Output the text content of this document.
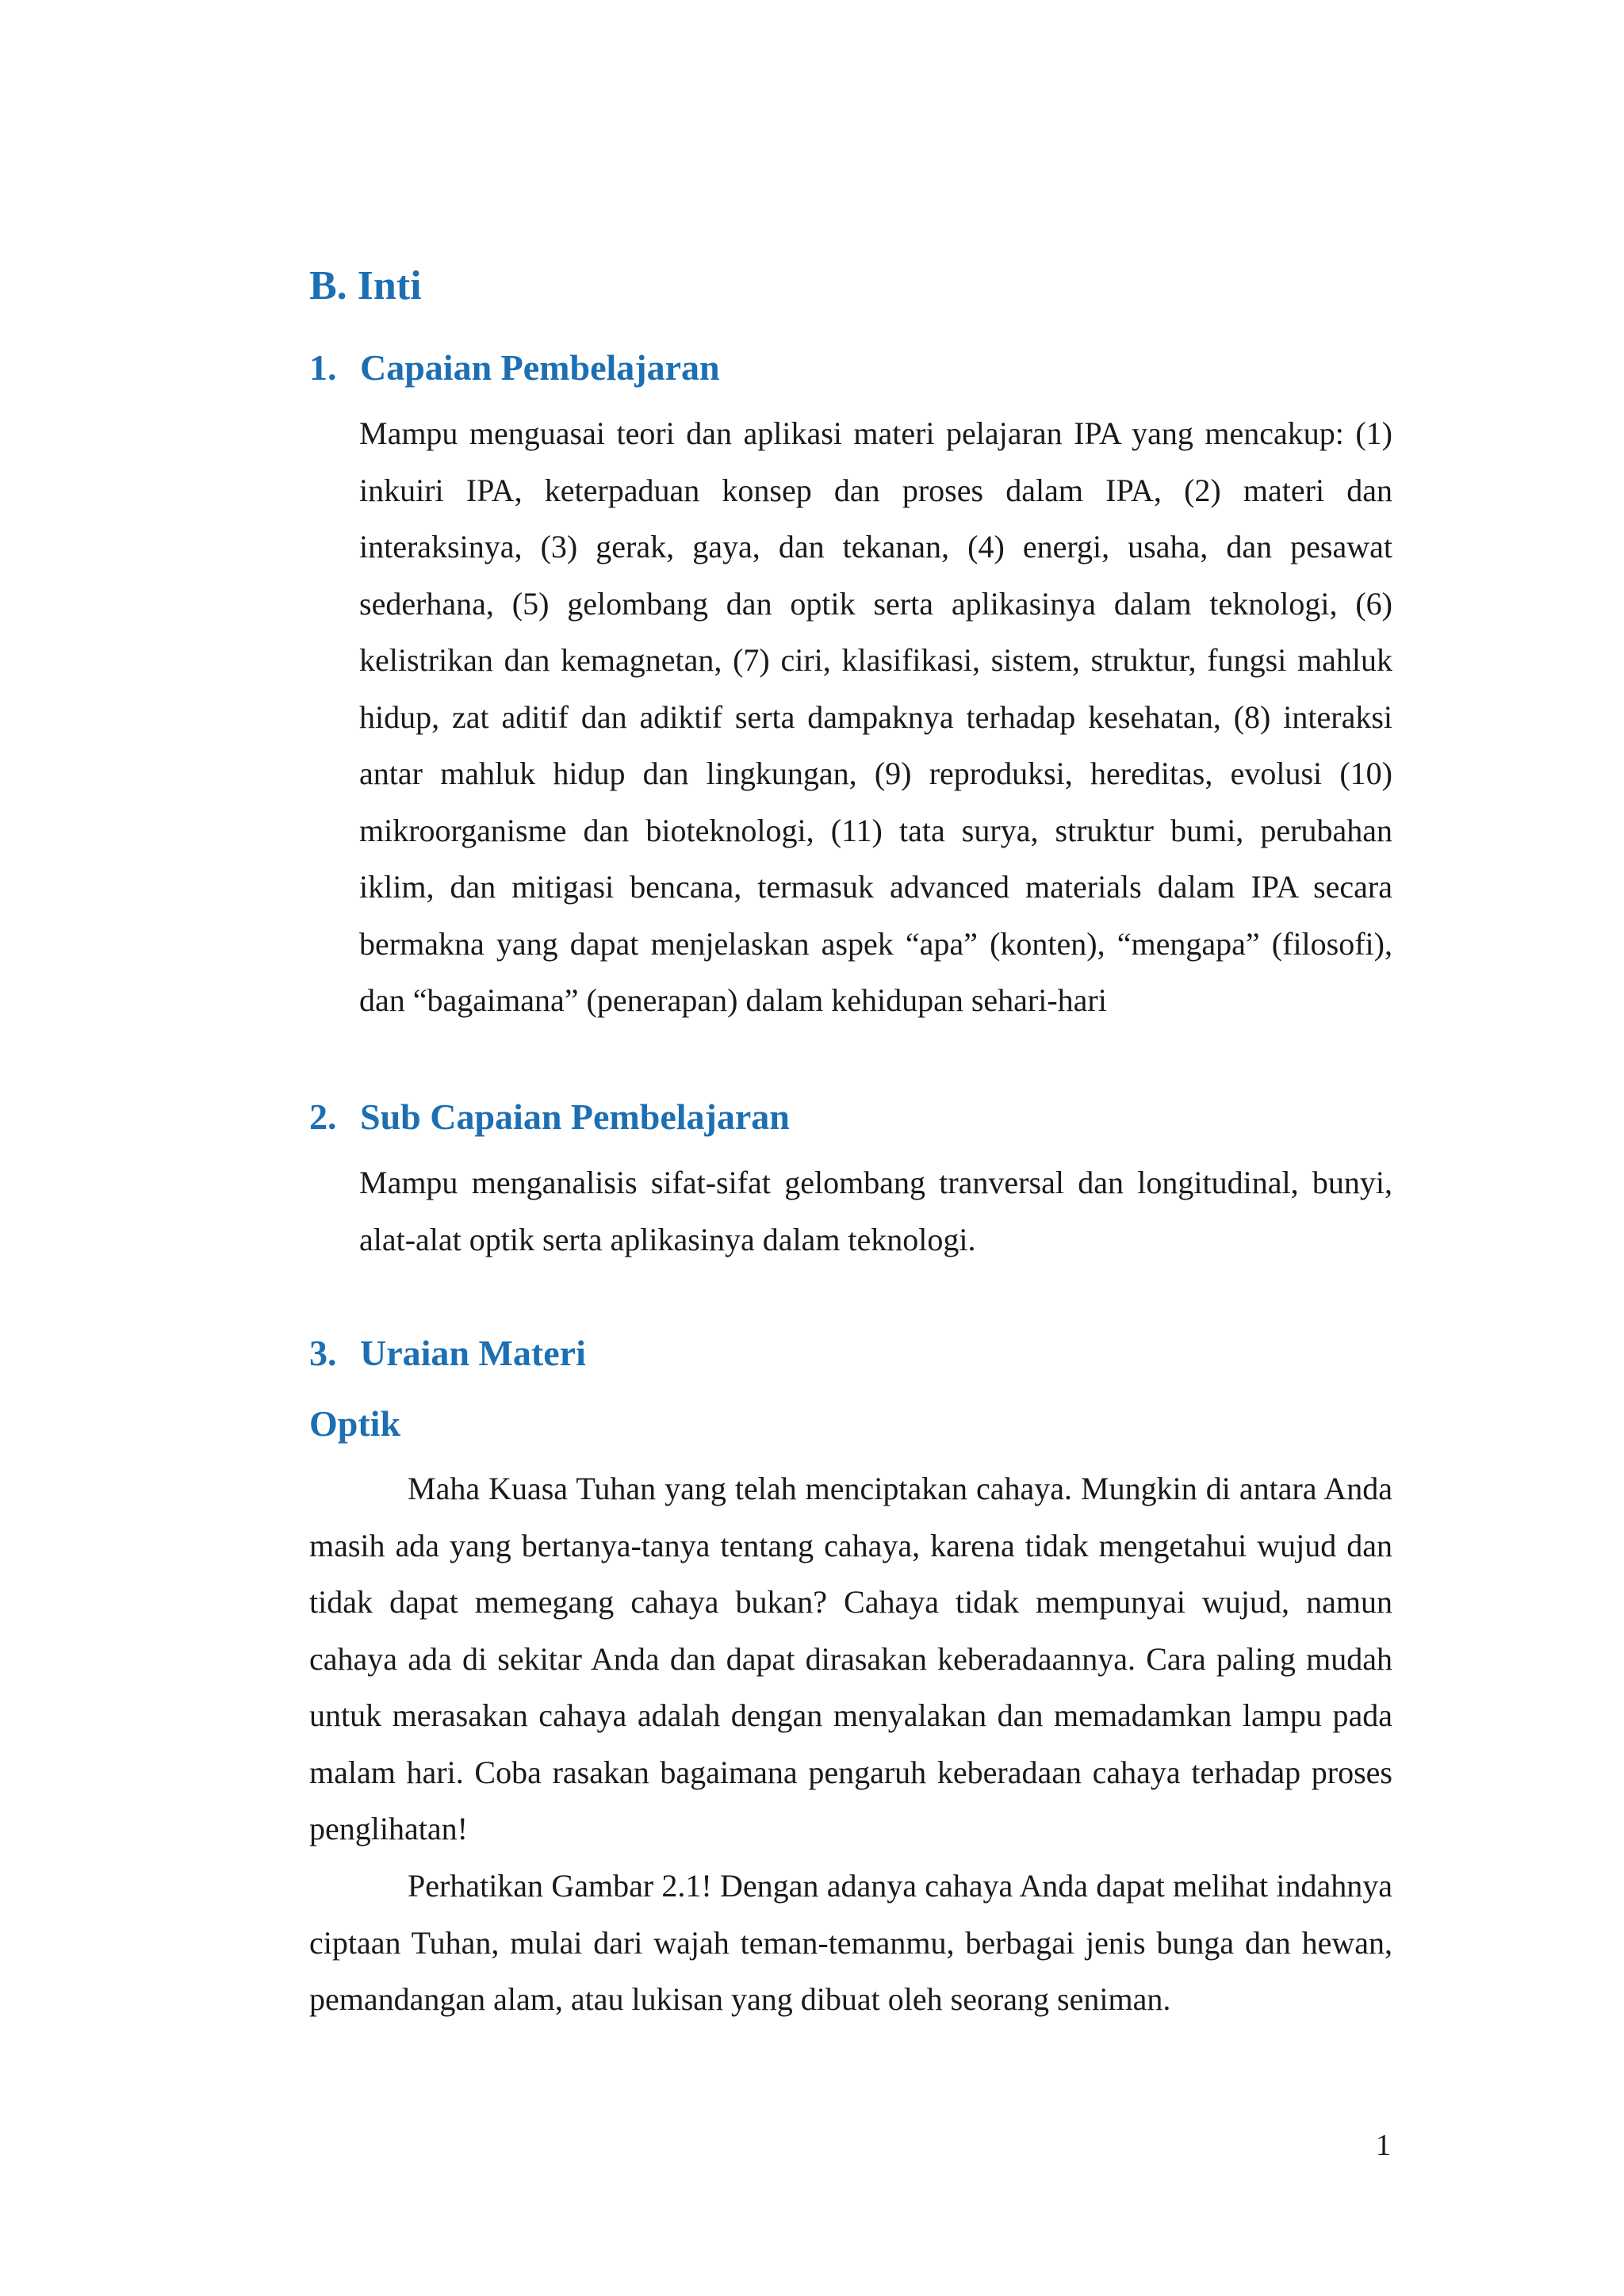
B. Inti
1. Capaian Pembelajaran

Mampu menguasai teori dan aplikasi materi pelajaran IPA yang mencakup: (1) inkuiri IPA, keterpaduan konsep dan proses dalam IPA, (2) materi dan interaksinya, (3) gerak, gaya, dan tekanan, (4) energi, usaha, dan pesawat sederhana, (5) gelombang dan optik serta aplikasinya dalam teknologi, (6) kelistrikan dan kemagnetan, (7) ciri, klasifikasi, sistem, struktur, fungsi mahluk hidup, zat aditif dan adiktif serta dampaknya terhadap kesehatan, (8) interaksi antar mahluk hidup dan lingkungan, (9) reproduksi, hereditas, evolusi (10) mikroorganisme dan bioteknologi, (11) tata surya, struktur bumi, perubahan iklim, dan mitigasi bencana, termasuk advanced materials dalam IPA secara bermakna yang dapat menjelaskan aspek “apa” (konten), “mengapa” (filosofi), dan “bagaimana” (penerapan) dalam kehidupan sehari-hari

2. Sub Capaian Pembelajaran

Mampu menganalisis sifat-sifat gelombang tranversal dan longitudinal, bunyi, alat-alat optik serta aplikasinya dalam teknologi.

3. Uraian Materi
Optik

Maha Kuasa Tuhan yang telah menciptakan cahaya. Mungkin di antara Anda masih ada yang bertanya-tanya tentang cahaya, karena tidak mengetahui wujud dan tidak dapat memegang cahaya bukan? Cahaya tidak mempunyai wujud, namun cahaya ada di sekitar Anda dan dapat dirasakan keberadaannya. Cara paling mudah untuk merasakan cahaya adalah dengan menyalakan dan memadamkan lampu pada malam hari. Coba rasakan bagaimana pengaruh keberadaan cahaya terhadap proses penglihatan!

Perhatikan Gambar 2.1! Dengan adanya cahaya Anda dapat melihat indahnya ciptaan Tuhan, mulai dari wajah teman-temanmu, berbagai jenis bunga dan hewan, pemandangan alam, atau lukisan yang dibuat oleh seorang seniman.

1
